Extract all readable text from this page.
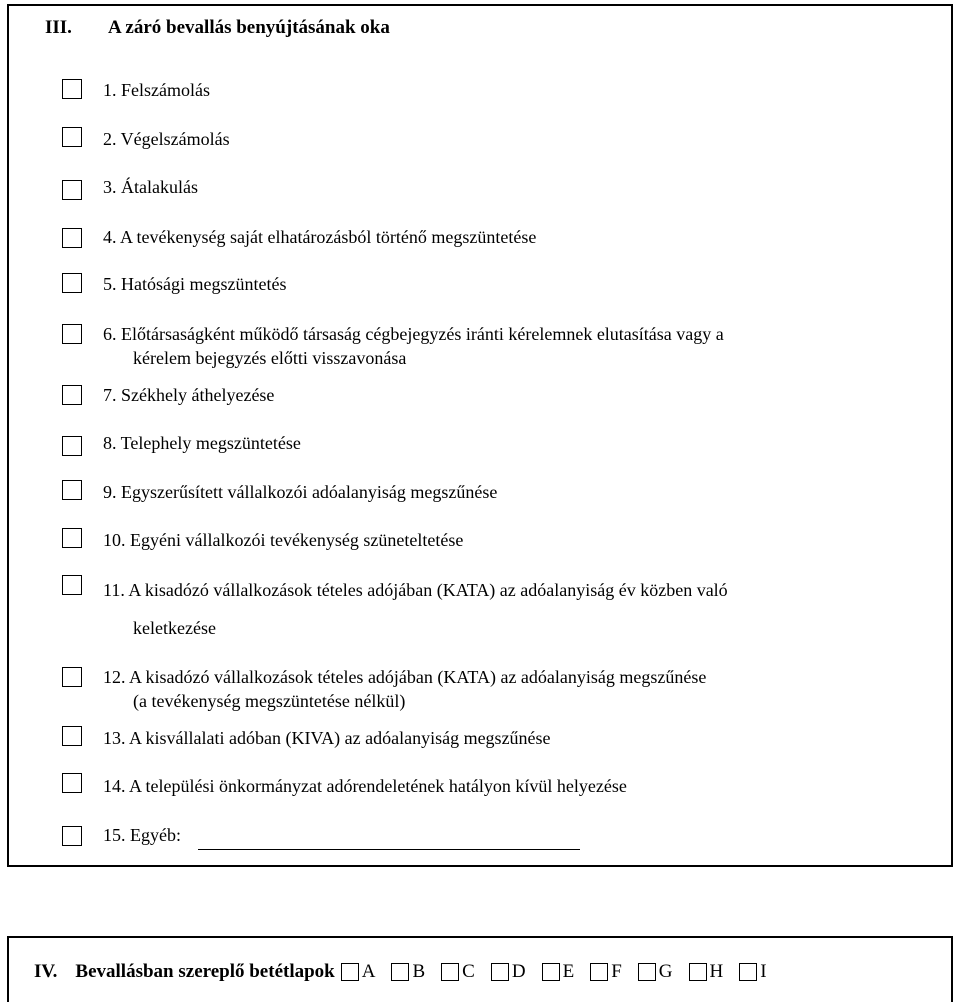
III. A záró bevallás benyújtásának oka
1. Felszámolás
2. Végelszámolás
3. Átalakulás
4. A tevékenység saját elhatározásból történő megszüntetése
5. Hatósági megszüntetés
6. Előtársaságként működő társaság cégbejegyzés iránti kérelemnek elutasítása vagy a
kérelem bejegyzés előtti visszavonása
7. Székhely áthelyezése
8. Telephely megszüntetése
9. Egyszerűsített vállalkozói adóalanyiság megszűnése
10. Egyéni vállalkozói tevékenység szüneteltetése
11. A kisadózó vállalkozások tételes adójában (KATA) az adóalanyiság év közben való
keletkezése
12. A kisadózó vállalkozások tételes adójában (KATA) az adóalanyiság megszűnése
(a tevékenység megszüntetése nélkül)
13. A kisvállalati adóban (KIVA) az adóalanyiság megszűnése
14. A települési önkormányzat adórendeletének hatályon kívül helyezése
15. Egyéb:
IV. Bevallásban szereplő betétlapok A B C D E F G H I
